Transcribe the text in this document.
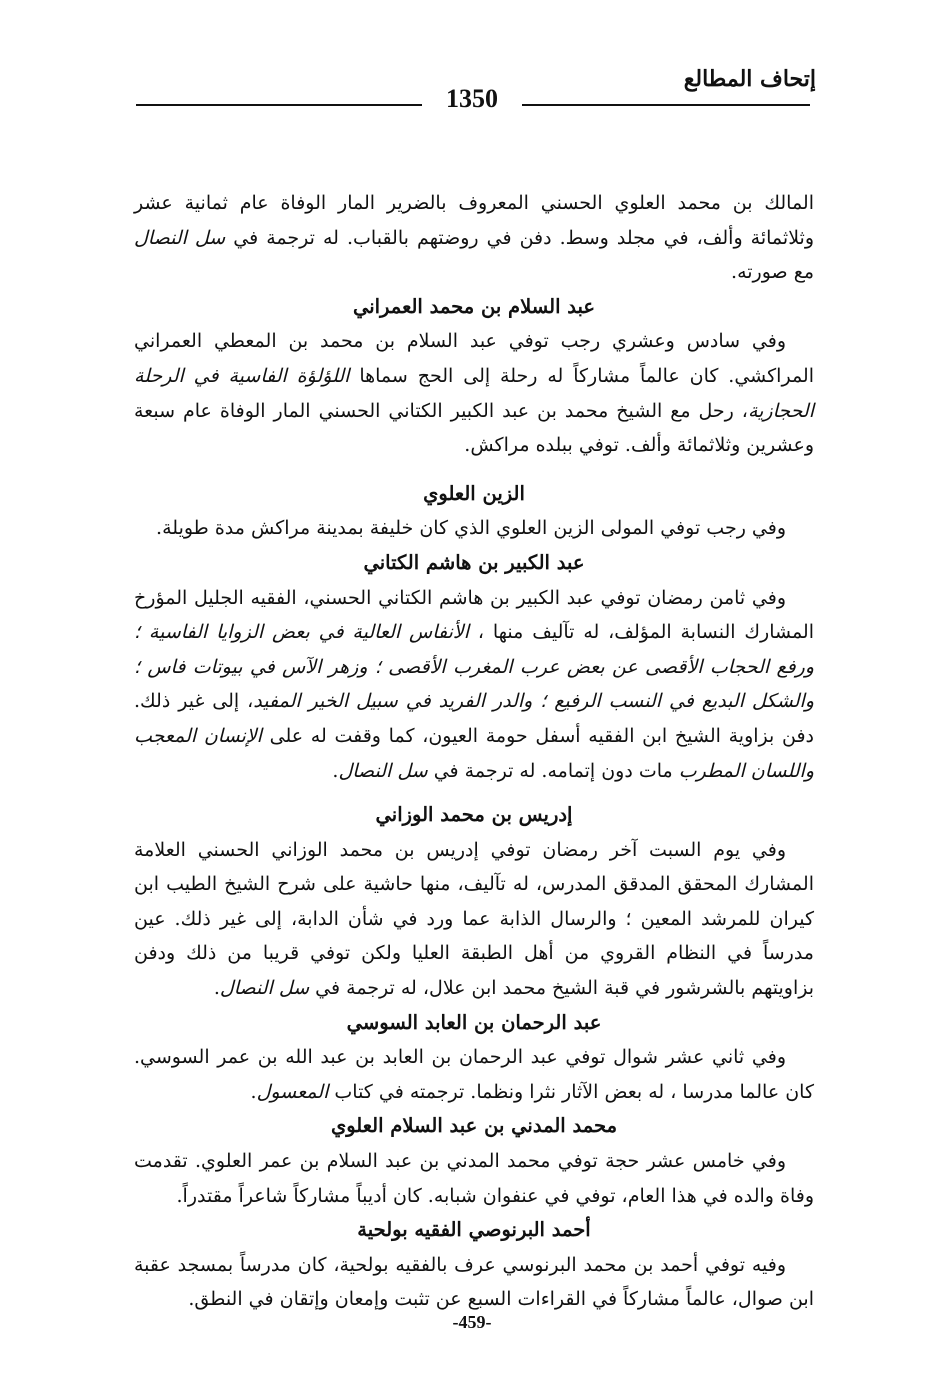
إتحاف المطالع
1350

المالك بن محمد العلوي الحسني المعروف بالضرير المار الوفاة عام ثمانية عشر وثلاثمائة وألف، في مجلد وسط. دفن في روضتهم بالقباب. له ترجمة في سل النصال مع صورته.

عبد السلام بن محمد العمراني

وفي سادس وعشري رجب توفي عبد السلام بن محمد بن المعطي العمراني المراكشي. كان عالماً مشاركاً له رحلة إلى الحج سماها اللؤلؤة الفاسية في الرحلة الحجازية، رحل مع الشيخ محمد بن عبد الكبير الكتاني الحسني المار الوفاة عام سبعة وعشرين وثلاثمائة وألف. توفي ببلده مراكش.

الزين العلوي

وفي رجب توفي المولى الزين العلوي الذي كان خليفة بمدينة مراكش مدة طويلة.

عبد الكبير بن هاشم الكتاني

وفي ثامن رمضان توفي عبد الكبير بن هاشم الكتاني الحسني، الفقيه الجليل المؤرخ المشارك النسابة المؤلف، له تآليف منها ، الأنفاس العالية في بعض الزوايا الفاسية ؛ ورفع الحجاب الأقصى عن بعض عرب المغرب الأقصى ؛ وزهر الآس في بيوتات فاس ؛ والشكل البديع في النسب الرفيع ؛ والدر الفريد في سبيل الخير المفيد، إلى غير ذلك. دفن بزاوية الشيخ ابن الفقيه أسفل حومة العيون، كما وقفت له على الإنسان المعجب واللسان المطرب مات دون إتمامه. له ترجمة في سل النصال.

إدريس بن محمد الوزاني

وفي يوم السبت آخر رمضان توفي إدريس بن محمد الوزاني الحسني العلامة المشارك المحقق المدقق المدرس، له تآليف، منها حاشية على شرح الشيخ الطيب ابن كيران للمرشد المعين ؛ والرسال الذابة عما ورد في شأن الدابة، إلى غير ذلك. عين مدرساً في النظام القروي من أهل الطبقة العليا ولكن توفي قريبا من ذلك ودفن بزاويتهم بالشرشور في قبة الشيخ محمد ابن علال، له ترجمة في سل النصال.

عبد الرحمان بن العابد السوسي

وفي ثاني عشر شوال توفي عبد الرحمان بن العابد بن عبد الله بن عمر السوسي. كان عالما مدرسا ، له بعض الآثار نثرا ونظما. ترجمته في كتاب المعسول.

محمد المدني بن عبد السلام العلوي

وفي خامس عشر حجة توفي محمد المدني بن عبد السلام بن عمر العلوي. تقدمت وفاة والده في هذا العام، توفي في عنفوان شبابه. كان أديباً مشاركاً شاعراً مقتدراً.

أحمد البرنوصي الفقيه بولحية

وفيه توفي أحمد بن محمد البرنوسي عرف بالفقيه بولحية، كان مدرساً بمسجد عقبة ابن صوال، عالماً مشاركاً في القراءات السبع عن تثبت وإمعان وإتقان في النطق.

-459-
